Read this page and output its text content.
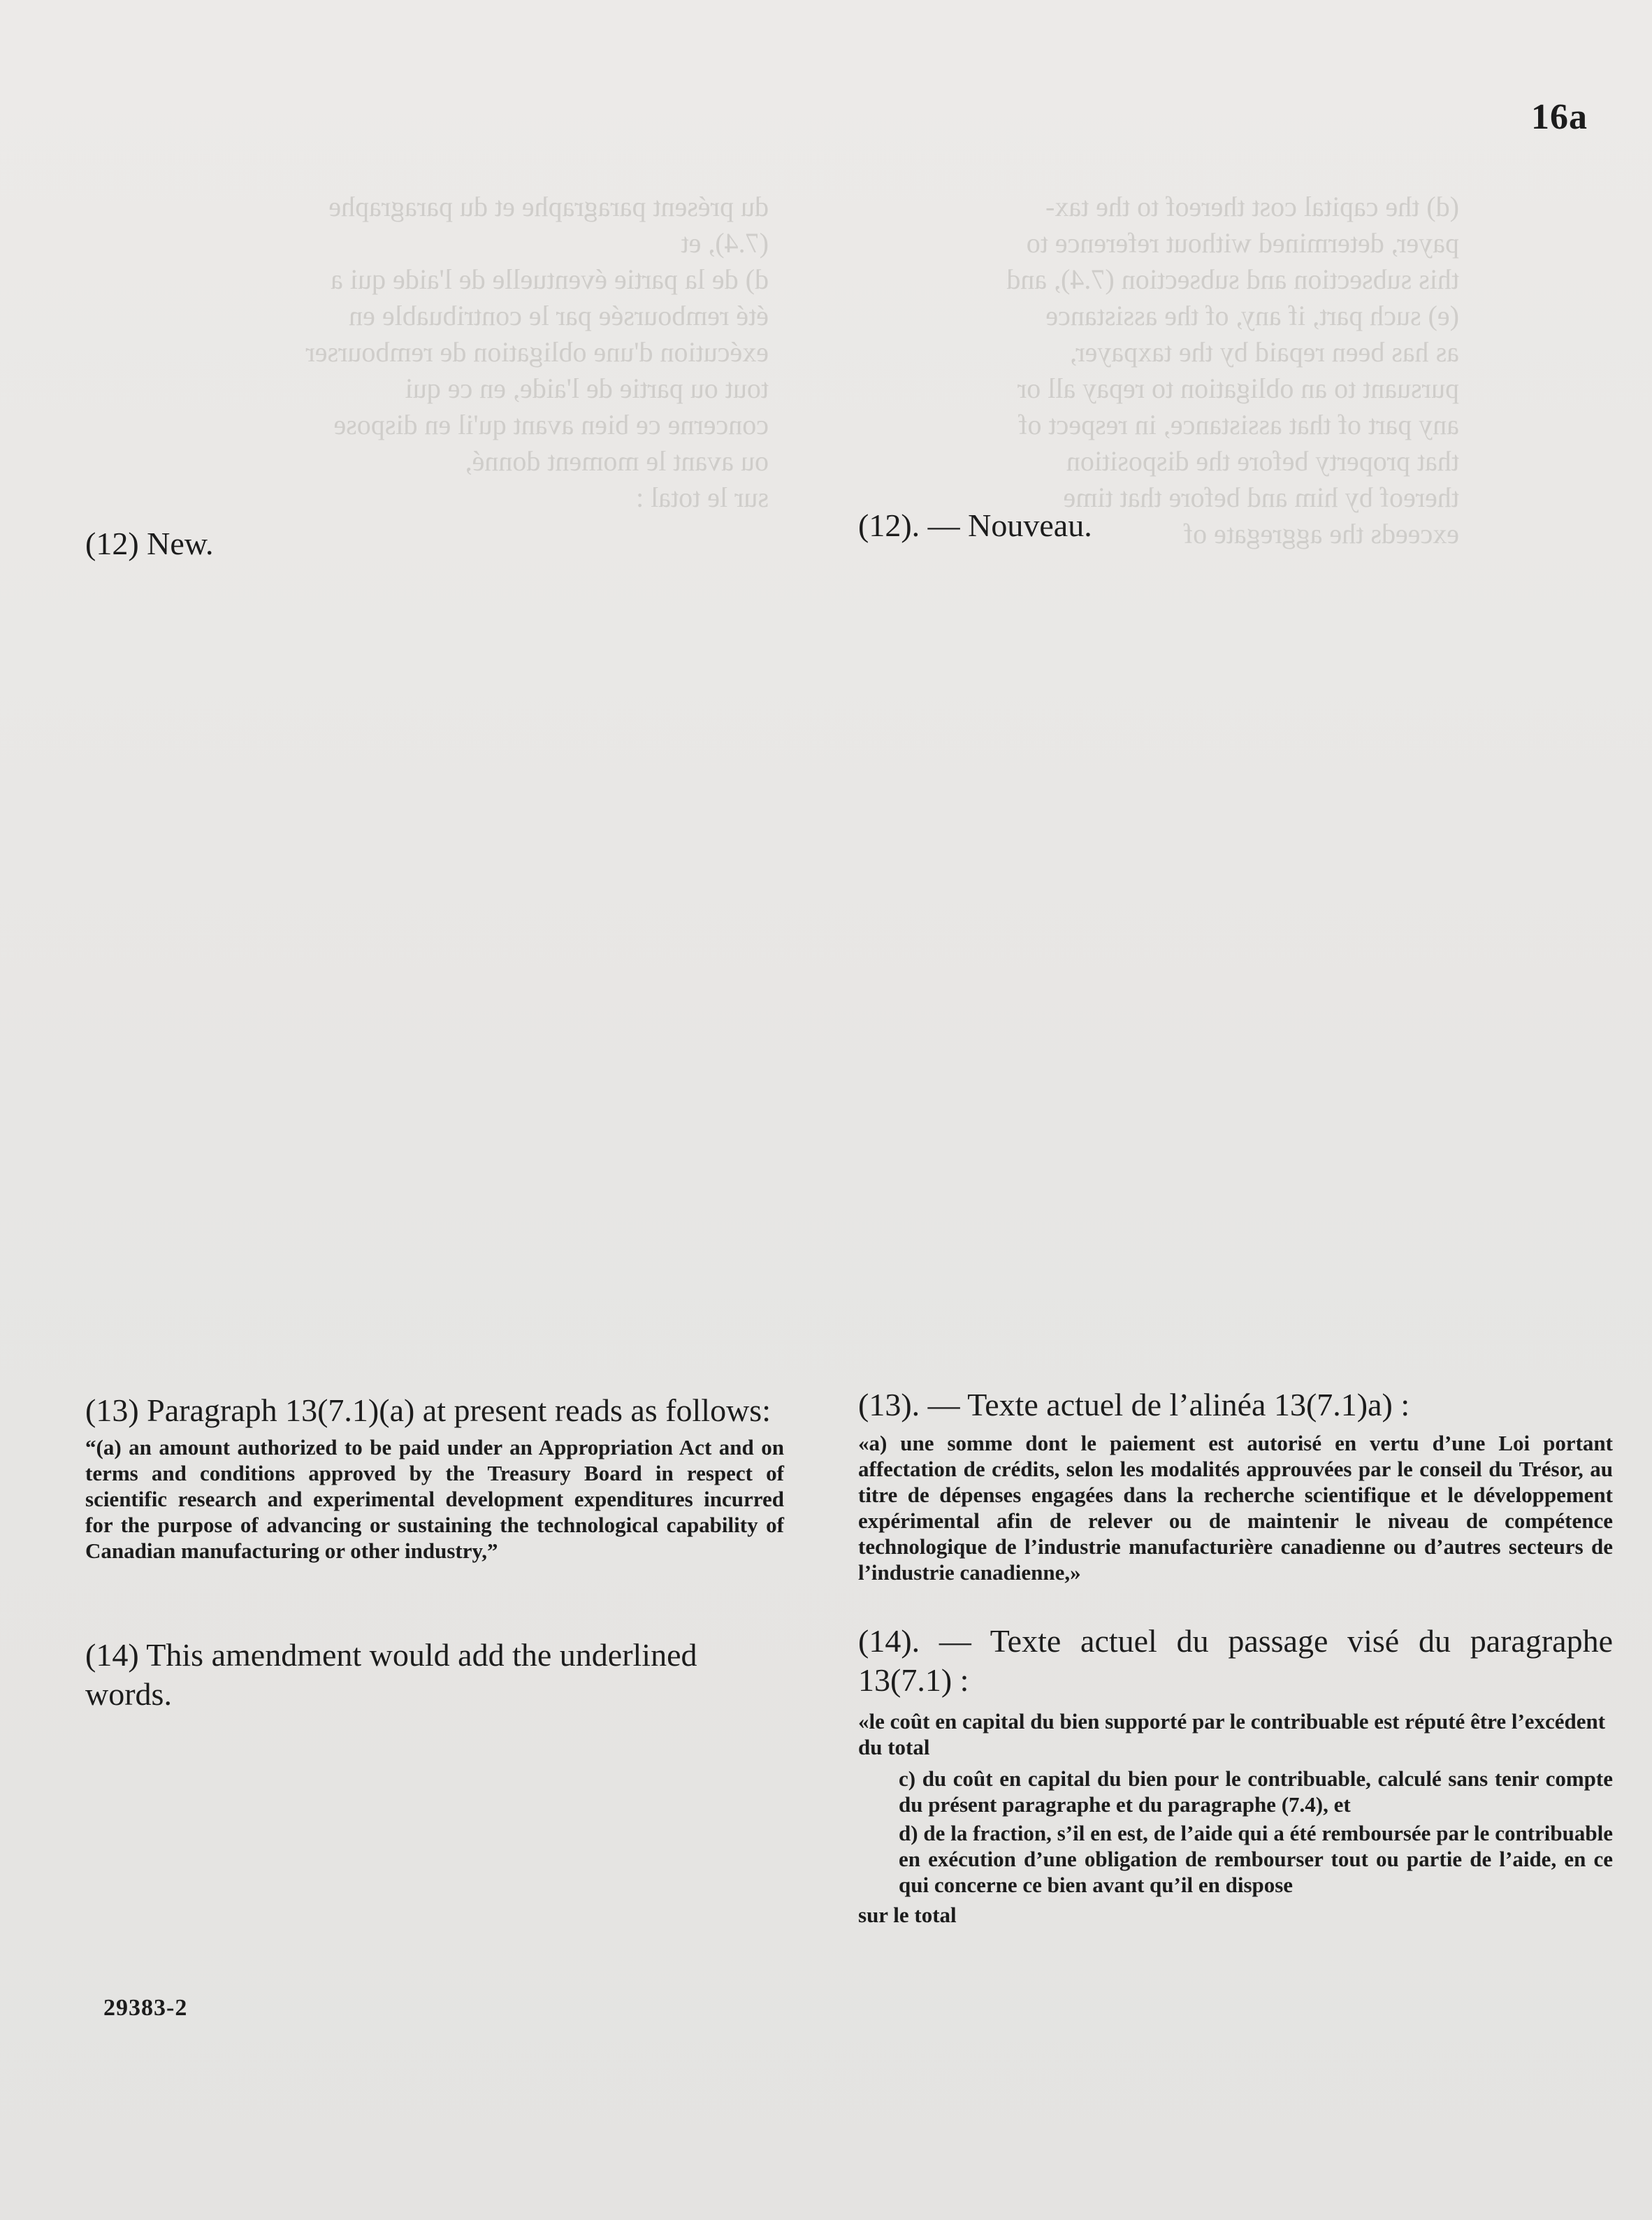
du présent paragraphe et du paragraphe
(7.4), et
d) de la partie éventuelle de l'aide qui a
été remboursée par le contribuable en
exécution d'une obligation de rembourser
tout ou partie de l'aide, en ce qui
concerne ce bien avant qu'il en dispose
ou avant le moment donné,
sur le total :
(d) the capital cost thereof to the tax-
payer, determined without reference to
this subsection and subsection (7.4), and
(e) such part, if any, of the assistance
as has been repaid by the taxpayer,
pursuant to an obligation to repay all or
any part of that assistance, in respect of
that property before the disposition
thereof by him and before that time
exceeds the aggregate of
16a
(12) New.
(12). — Nouveau.
(13) Paragraph 13(7.1)(a) at present reads as follows:

“(a) an amount authorized to be paid under an Appropriation Act and on terms and conditions approved by the Treasury Board in respect of scientific research and experimental development expenditures incurred for the purpose of advancing or sustaining the technological capability of Canadian manufacturing or other industry,”

(13). — Texte actuel de l’alinéa 13(7.1)a) :

«a) une somme dont le paiement est autorisé en vertu d’une Loi portant affectation de crédits, selon les modalités approuvées par le conseil du Trésor, au titre de dépenses engagées dans la recherche scientifique et le développement expérimental afin de relever ou de maintenir le niveau de compétence technologique de l’industrie manufacturière canadienne ou d’autres secteurs de l’industrie canadienne,»

(14) This amendment would add the underlined words.
(14). — Texte actuel du passage visé du paragraphe 13(7.1) :

«le coût en capital du bien supporté par le contribuable est réputé être l’excédent du total

c) du coût en capital du bien pour le contribuable, calculé sans tenir compte du présent paragraphe et du paragraphe (7.4), et

d) de la fraction, s’il en est, de l’aide qui a été remboursée par le contribuable en exécution d’une obligation de rembourser tout ou partie de l’aide, en ce qui concerne ce bien avant qu’il en dispose

sur le total

29383-2
